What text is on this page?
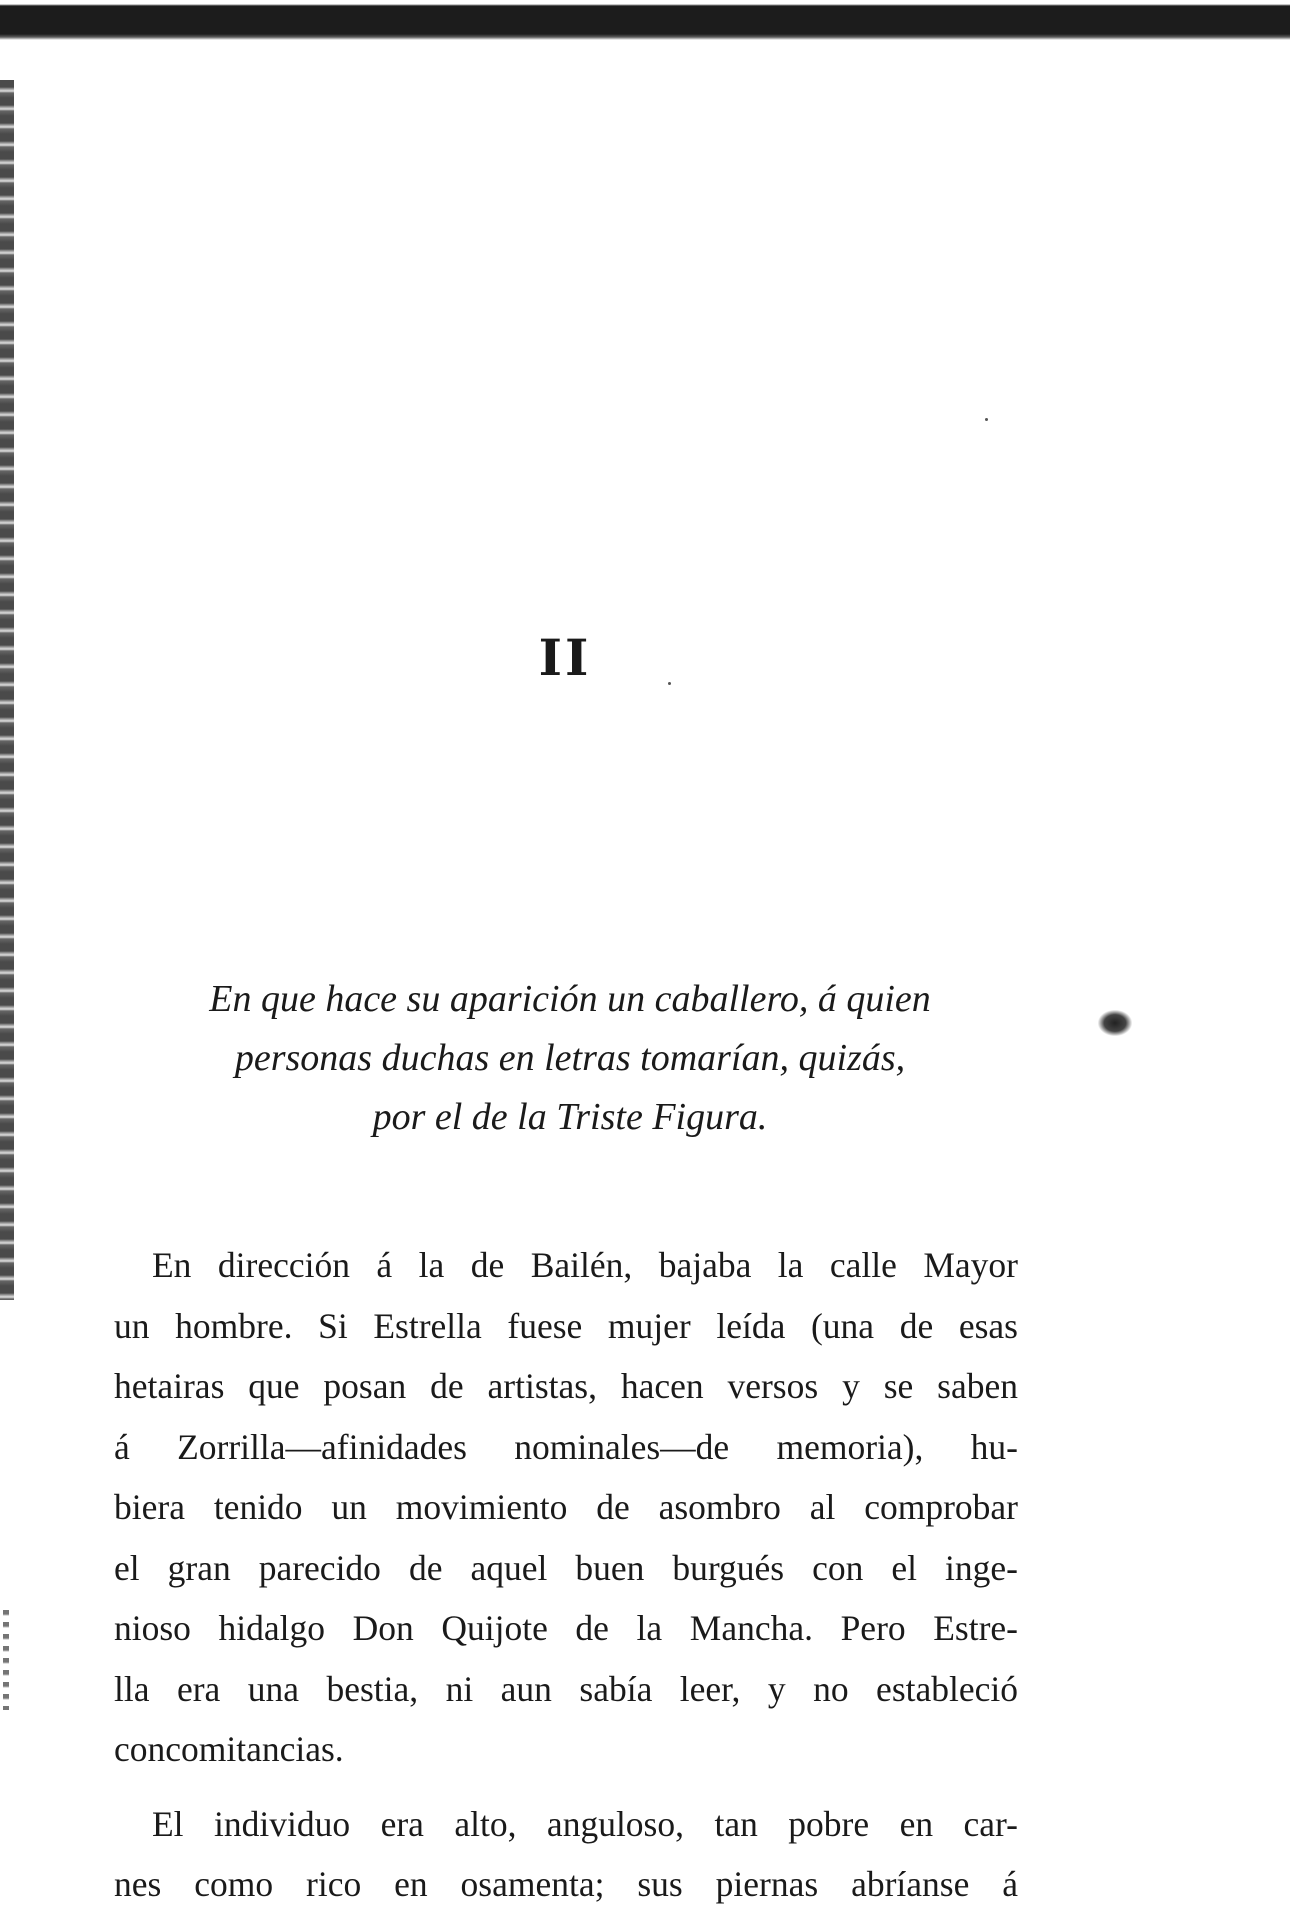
II
En que hace su aparición un caballero, á quien
personas duchas en letras tomarían, quizás,
por el de la Triste Figura.
En dirección á la de Bailén, bajaba la calle Mayor
un hombre. Si Estrella fuese mujer leída (una de esas
hetairas que posan de artistas, hacen versos y se saben
á Zorrilla—afinidades nominales—de memoria), hu-
biera tenido un movimiento de asombro al comprobar
el gran parecido de aquel buen burgués con el inge-
nioso hidalgo Don Quijote de la Mancha. Pero Estre-
lla era una bestia, ni aun sabía leer, y no estableció
concomitancias.
El individuo era alto, anguloso, tan pobre en car-
nes como rico en osamenta; sus piernas abríanse á
